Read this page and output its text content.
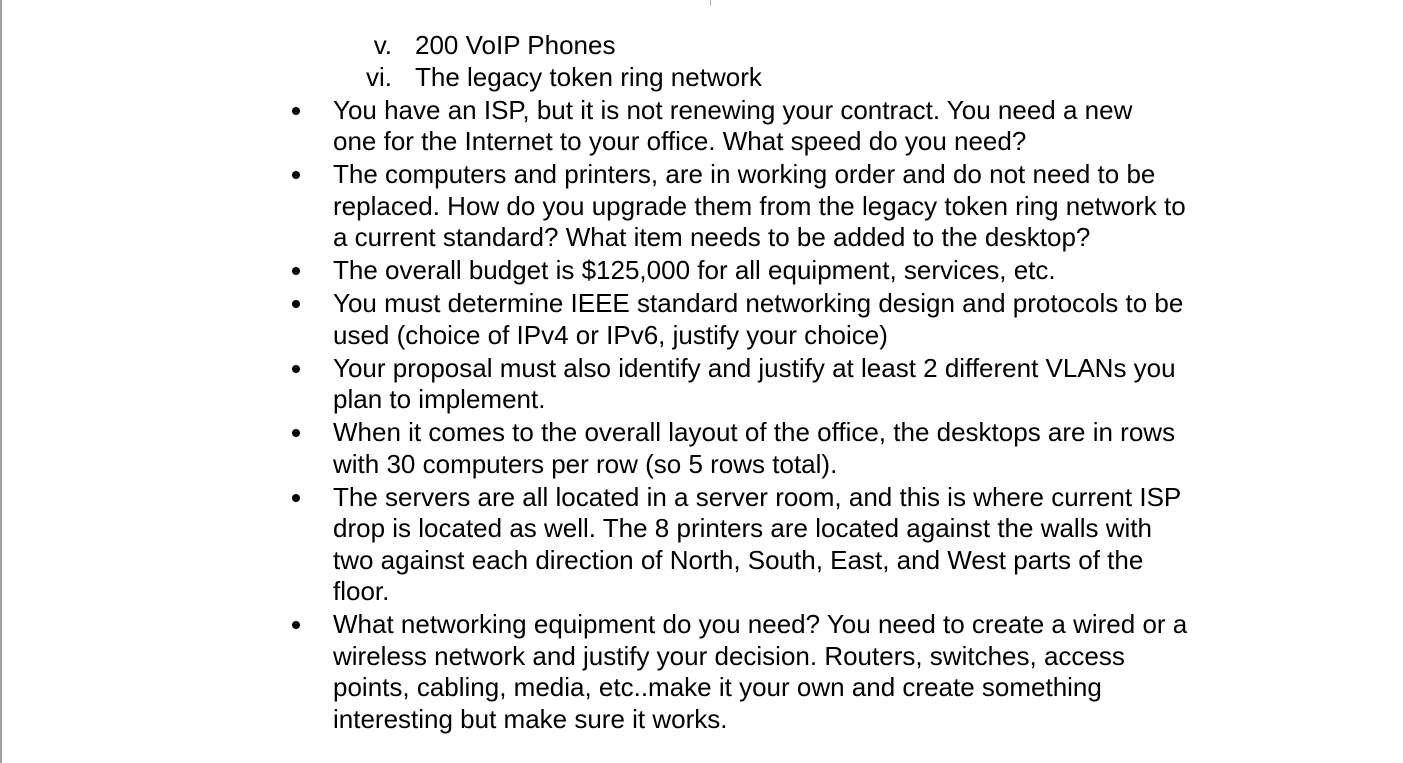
v. 200 VoIP Phones
vi. The legacy token ring network
You have an ISP, but it is not renewing your contract. You need a new
one for the Internet to your office. What speed do you need?
The computers and printers, are in working order and do not need to be
replaced. How do you upgrade them from the legacy token ring network to
a current standard? What item needs to be added to the desktop?
The overall budget is $125,000 for all equipment, services, etc.
You must determine IEEE standard networking design and protocols to be
used (choice of IPv4 or IPv6, justify your choice)
Your proposal must also identify and justify at least 2 different VLANs you
plan to implement.
When it comes to the overall layout of the office, the desktops are in rows
with 30 computers per row (so 5 rows total).
The servers are all located in a server room, and this is where current ISP
drop is located as well. The 8 printers are located against the walls with
two against each direction of North, South, East, and West parts of the
floor.
What networking equipment do you need? You need to create a wired or a
wireless network and justify your decision. Routers, switches, access
points, cabling, media, etc..make it your own and create something
interesting but make sure it works.
